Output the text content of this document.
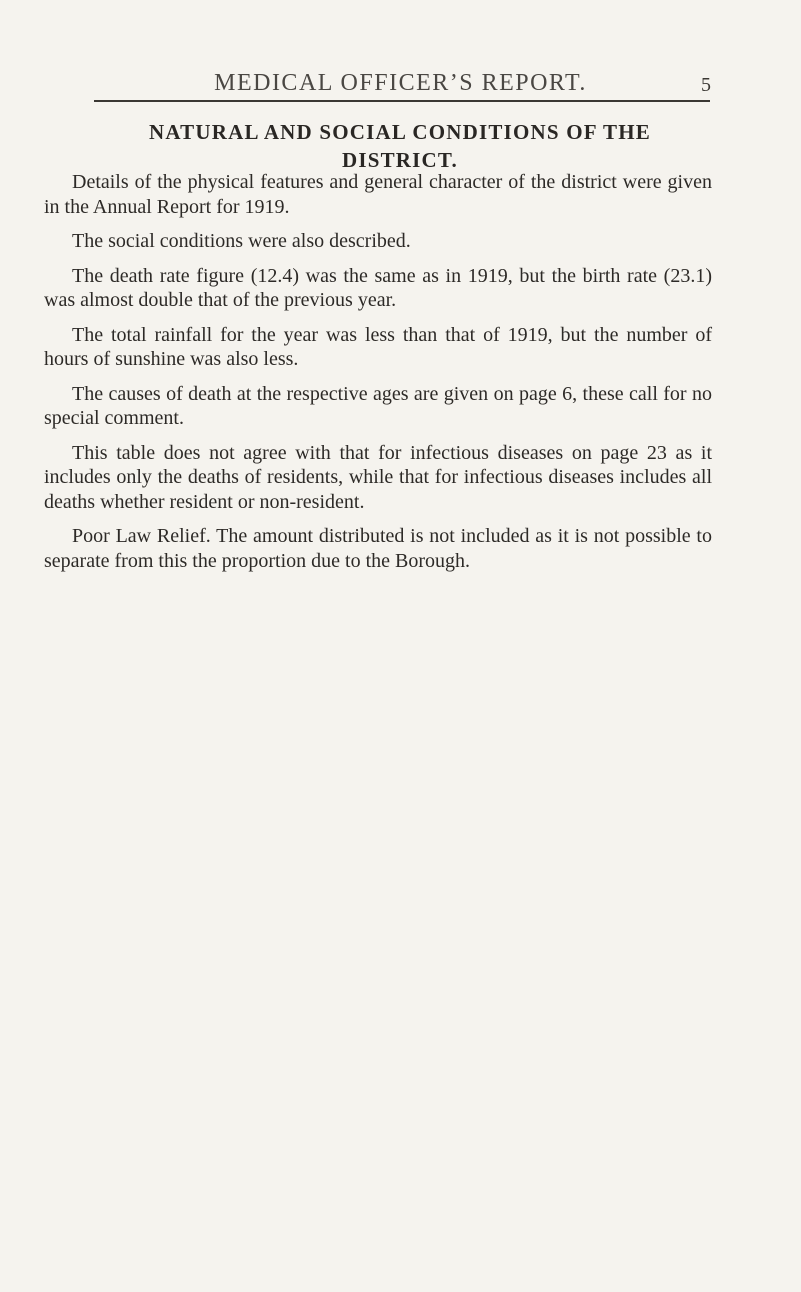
MEDICAL OFFICER’S REPORT.	5
NATURAL AND SOCIAL CONDITIONS OF THE
DISTRICT.

Details of the physical features and general character of the district were given in the Annual Report for 1919.

The social conditions were also described.

The death rate figure (12.4) was the same as in 1919, but the birth rate (23.1) was almost double that of the previous year.

The total rainfall for the year was less than that of 1919, but the number of hours of sunshine was also less.

The causes of death at the respective ages are given on page 6, these call for no special comment.

This table does not agree with that for infectious diseases on page 23 as it includes only the deaths of residents, while that for infectious diseases includes all deaths whether resident or non-resident.

Poor Law Relief. The amount distributed is not included as it is not possible to separate from this the proportion due to the Borough.
